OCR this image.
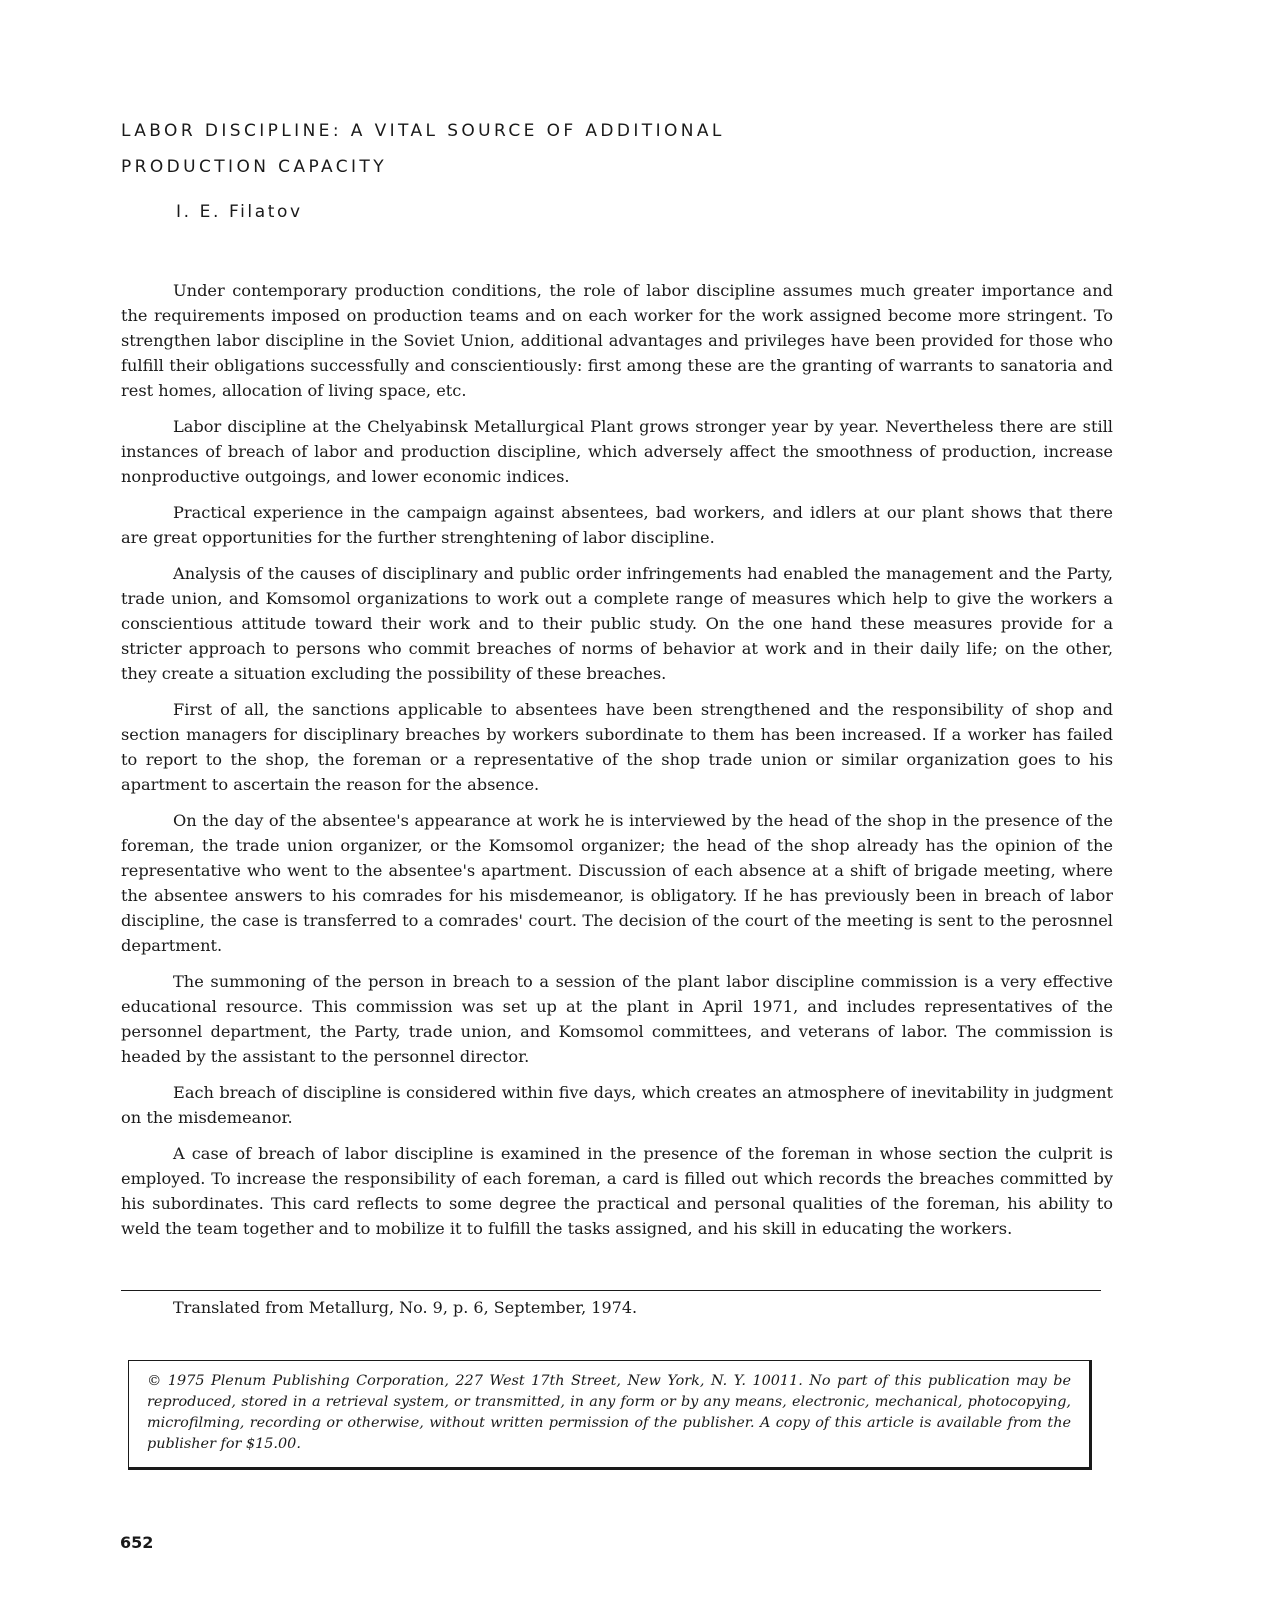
LABOR DISCIPLINE: A VITAL SOURCE OF ADDITIONAL
PRODUCTION CAPACITY

I. E. Filatov

Under contemporary production conditions, the role of labor discipline assumes much greater importance and the requirements imposed on production teams and on each worker for the work assigned become more stringent. To strengthen labor discipline in the Soviet Union, additional advantages and privileges have been provided for those who fulfill their obligations successfully and conscientiously: first among these are the granting of warrants to sanatoria and rest homes, allocation of living space, etc.

Labor discipline at the Chelyabinsk Metallurgical Plant grows stronger year by year. Nevertheless there are still instances of breach of labor and production discipline, which adversely affect the smoothness of production, increase nonproductive outgoings, and lower economic indices.

Practical experience in the campaign against absentees, bad workers, and idlers at our plant shows that there are great opportunities for the further strenghtening of labor discipline.

Analysis of the causes of disciplinary and public order infringements had enabled the management and the Party, trade union, and Komsomol organizations to work out a complete range of measures which help to give the workers a conscientious attitude toward their work and to their public study. On the one hand these measures provide for a stricter approach to persons who commit breaches of norms of behavior at work and in their daily life; on the other, they create a situation excluding the possibility of these breaches.

First of all, the sanctions applicable to absentees have been strengthened and the responsibility of shop and section managers for disciplinary breaches by workers subordinate to them has been increased. If a worker has failed to report to the shop, the foreman or a representative of the shop trade union or similar organization goes to his apartment to ascertain the reason for the absence.

On the day of the absentee's appearance at work he is interviewed by the head of the shop in the presence of the foreman, the trade union organizer, or the Komsomol organizer; the head of the shop already has the opinion of the representative who went to the absentee's apartment. Discussion of each absence at a shift of brigade meeting, where the absentee answers to his comrades for his misdemeanor, is obligatory. If he has previously been in breach of labor discipline, the case is transferred to a comrades' court. The decision of the court of the meeting is sent to the perosnnel department.

The summoning of the person in breach to a session of the plant labor discipline commission is a very effective educational resource. This commission was set up at the plant in April 1971, and includes representatives of the personnel department, the Party, trade union, and Komsomol committees, and veterans of labor. The commission is headed by the assistant to the personnel director.

Each breach of discipline is considered within five days, which creates an atmosphere of inevitability in judgment on the misdemeanor.

A case of breach of labor discipline is examined in the presence of the foreman in whose section the culprit is employed. To increase the responsibility of each foreman, a card is filled out which records the breaches committed by his subordinates. This card reflects to some degree the practical and personal qualities of the foreman, his ability to weld the team together and to mobilize it to fulfill the tasks assigned, and his skill in educating the workers.

Translated from Metallurg, No. 9, p. 6, September, 1974.
© 1975 Plenum Publishing Corporation, 227 West 17th Street, New York, N. Y. 10011. No part of this publication may be reproduced, stored in a retrieval system, or transmitted, in any form or by any means, electronic, mechanical, photocopying, microfilming, recording or otherwise, without written permission of the publisher. A copy of this article is available from the publisher for $15.00.
652
